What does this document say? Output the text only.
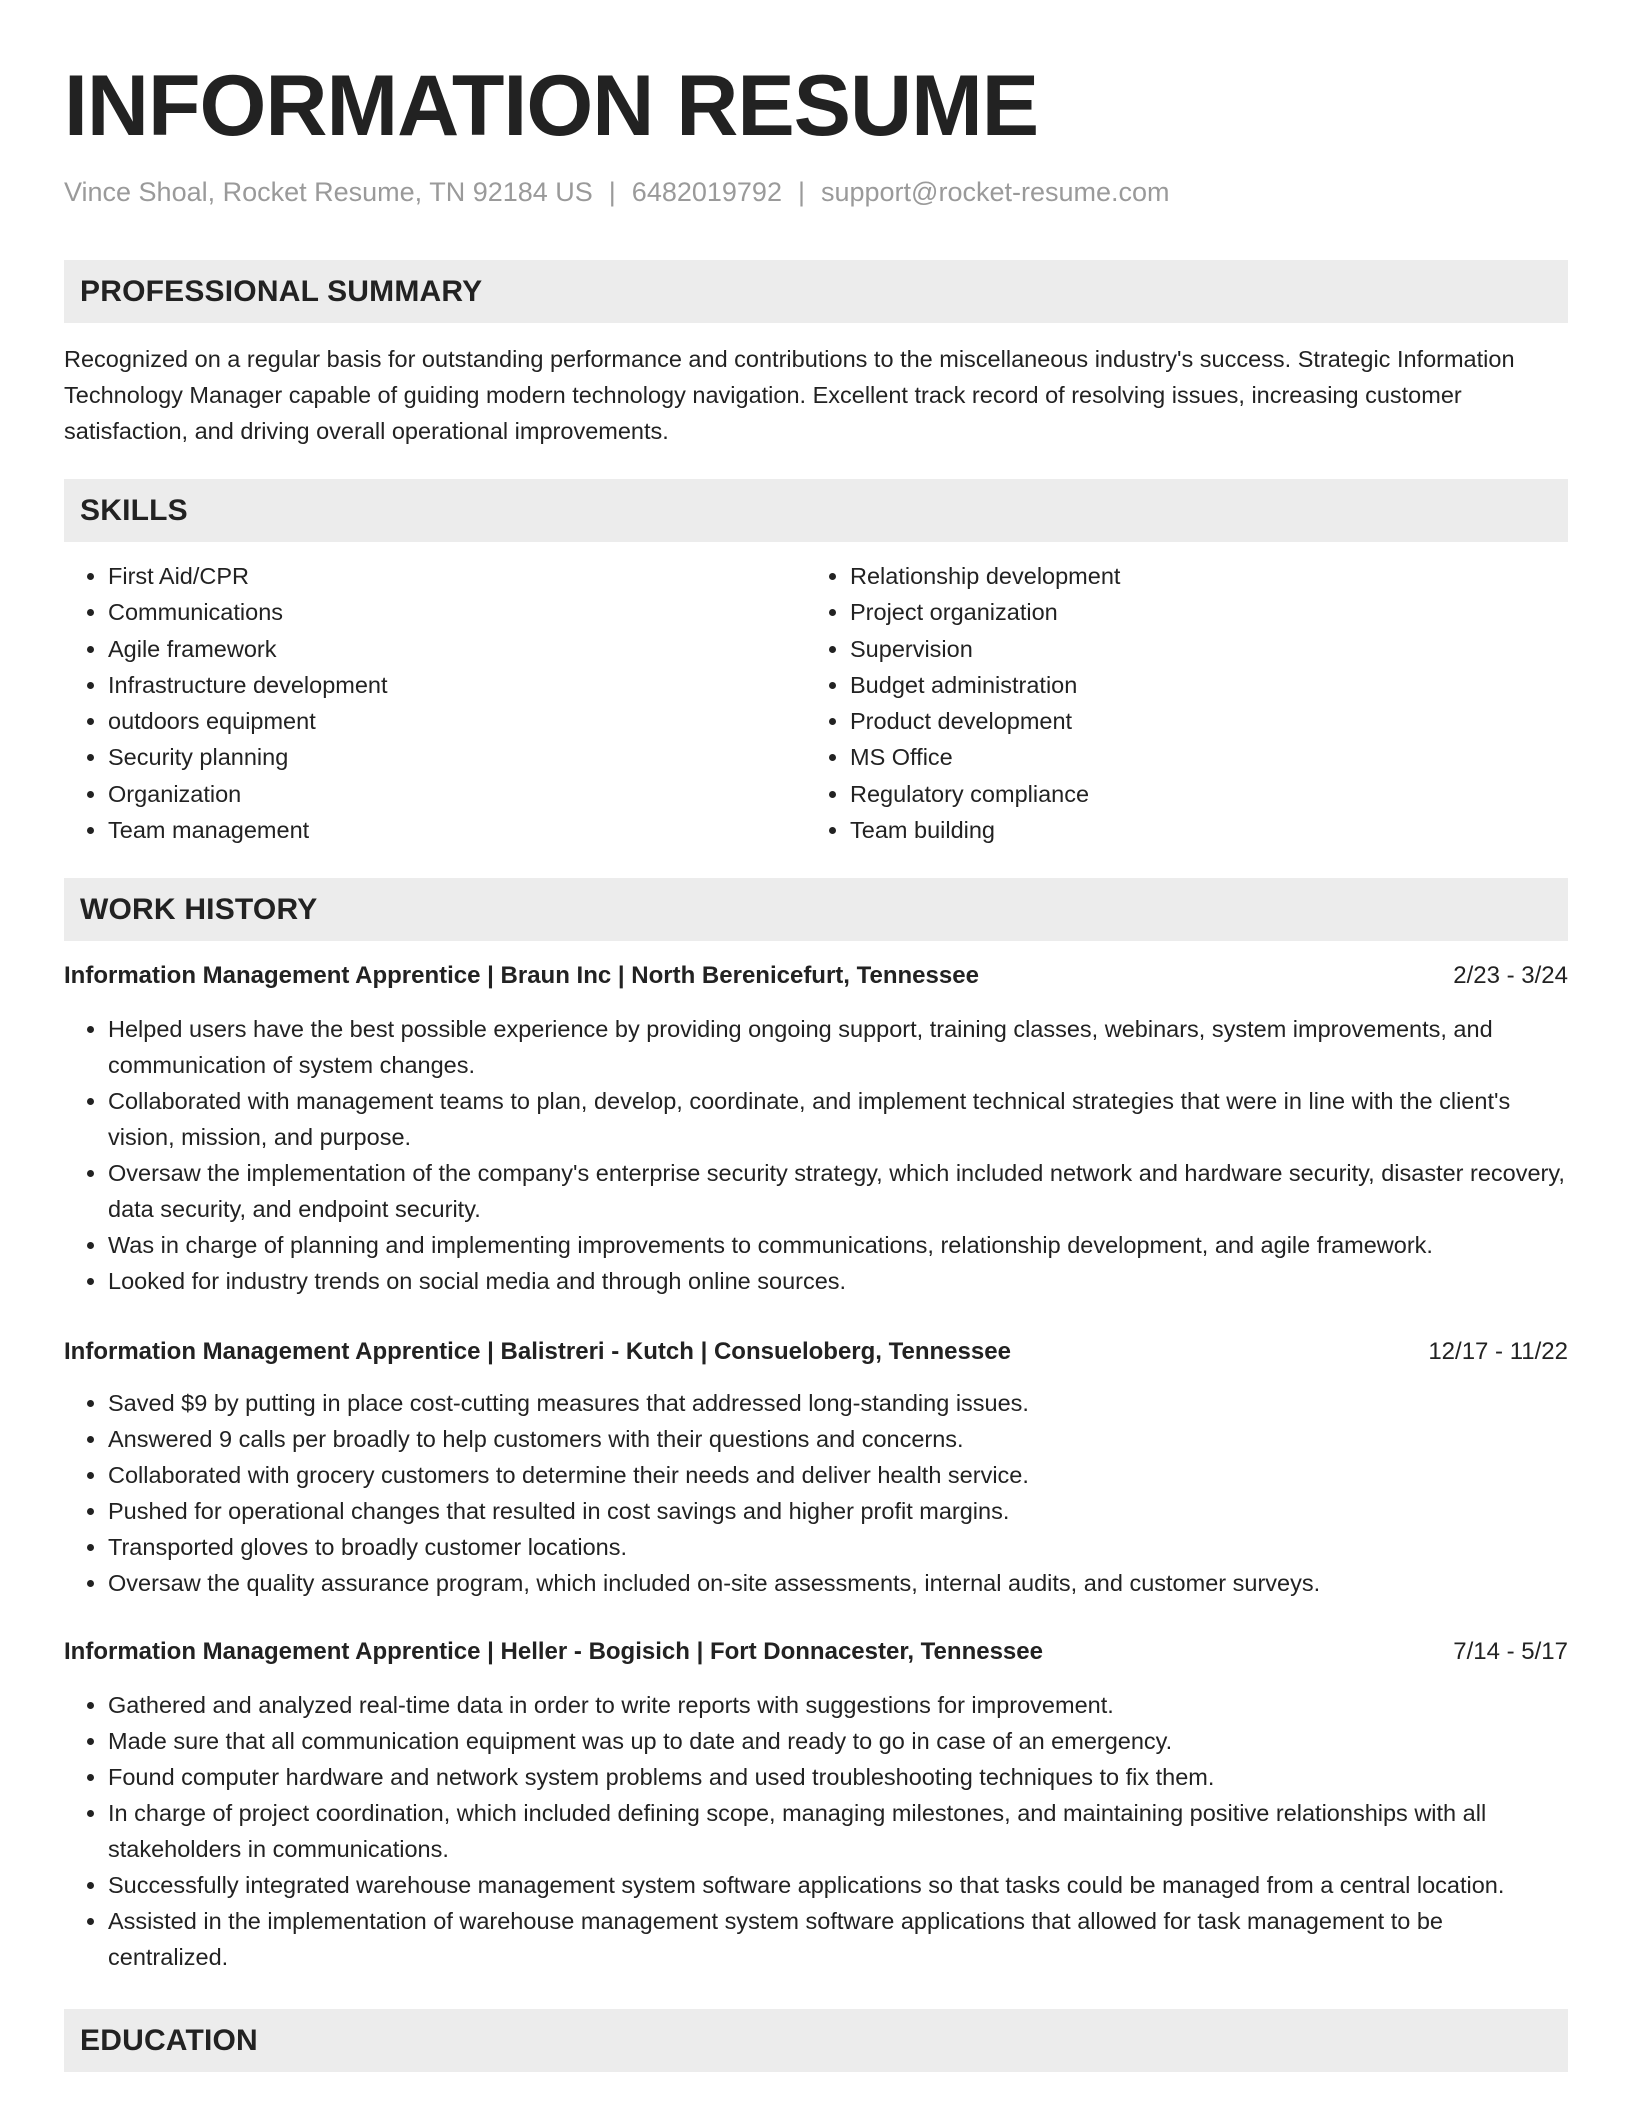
INFORMATION RESUME
Vince Shoal, Rocket Resume, TN 92184 US | 6482019792 | support@rocket-resume.com
PROFESSIONAL SUMMARY

Recognized on a regular basis for outstanding performance and contributions to the miscellaneous industry's success. Strategic Information Technology Manager capable of guiding modern technology navigation. Excellent track record of resolving issues, increasing customer satisfaction, and driving overall operational improvements.

SKILLS
• First Aid/CPR
• Communications
• Agile framework
• Infrastructure development
• outdoors equipment
• Security planning
• Organization
• Team management
• Relationship development
• Project organization
• Supervision
• Budget administration
• Product development
• MS Office
• Regulatory compliance
• Team building
WORK HISTORY
Information Management Apprentice | Braun Inc | North Berenicefurt, Tennessee	2/23 - 3/24
• Helped users have the best possible experience by providing ongoing support, training classes, webinars, system improvements, and communication of system changes.
• Collaborated with management teams to plan, develop, coordinate, and implement technical strategies that were in line with the client's vision, mission, and purpose.
• Oversaw the implementation of the company's enterprise security strategy, which included network and hardware security, disaster recovery, data security, and endpoint security.
• Was in charge of planning and implementing improvements to communications, relationship development, and agile framework.
• Looked for industry trends on social media and through online sources.
Information Management Apprentice | Balistreri - Kutch | Consueloberg, Tennessee	12/17 - 11/22
• Saved $9 by putting in place cost-cutting measures that addressed long-standing issues.
• Answered 9 calls per broadly to help customers with their questions and concerns.
• Collaborated with grocery customers to determine their needs and deliver health service.
• Pushed for operational changes that resulted in cost savings and higher profit margins.
• Transported gloves to broadly customer locations.
• Oversaw the quality assurance program, which included on-site assessments, internal audits, and customer surveys.
Information Management Apprentice | Heller - Bogisich | Fort Donnacester, Tennessee	7/14 - 5/17
• Gathered and analyzed real-time data in order to write reports with suggestions for improvement.
• Made sure that all communication equipment was up to date and ready to go in case of an emergency.
• Found computer hardware and network system problems and used troubleshooting techniques to fix them.
• In charge of project coordination, which included defining scope, managing milestones, and maintaining positive relationships with all stakeholders in communications.
• Successfully integrated warehouse management system software applications so that tasks could be managed from a central location.
• Assisted in the implementation of warehouse management system software applications that allowed for task management to be centralized.
EDUCATION
